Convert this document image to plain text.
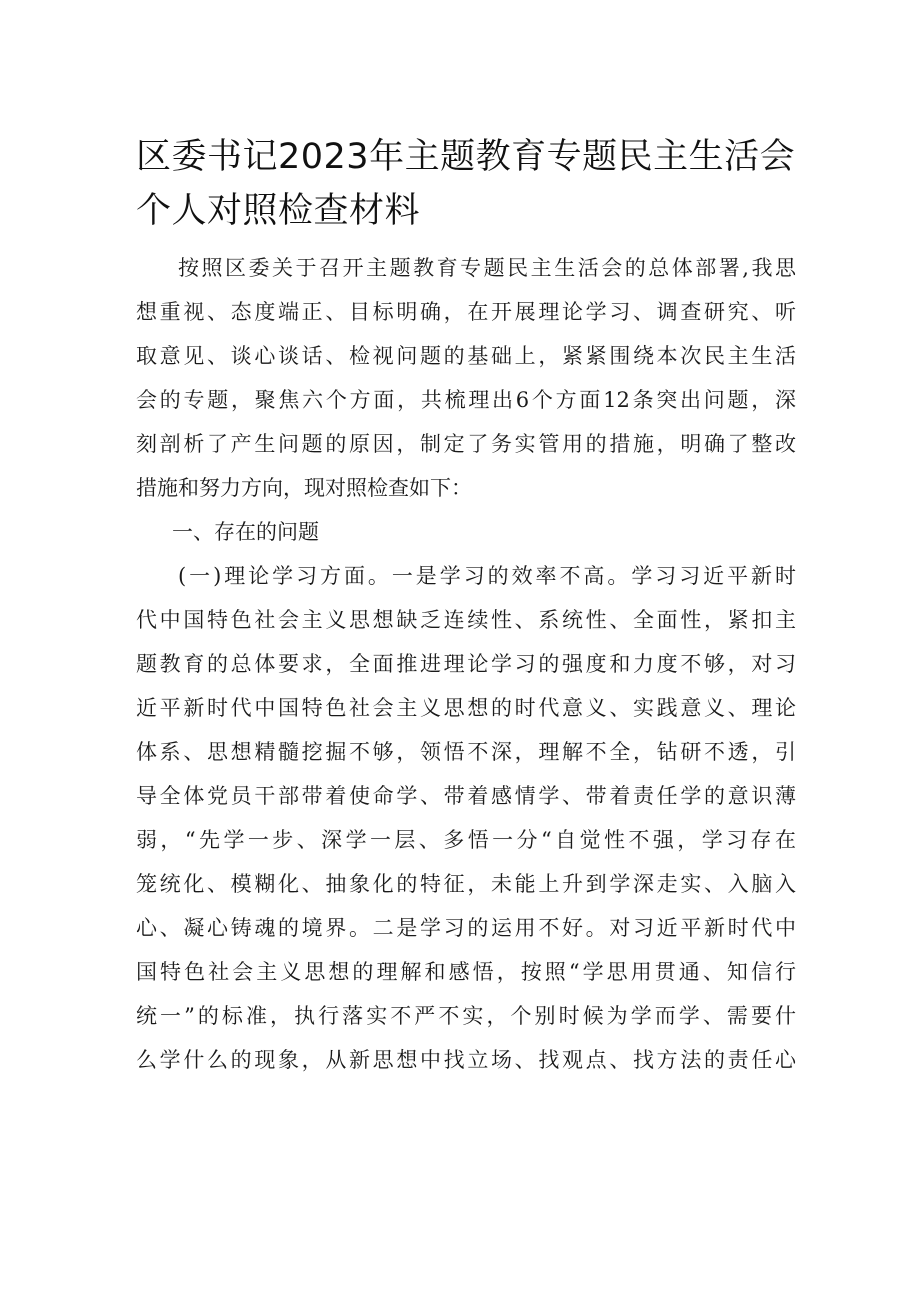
区委书记2023年主题教育专题民主生活会
个人对照检查材料

按照区委关于召开主题教育专题民主生活会的总体部署,我思
想重视、态度端正、目标明确，在开展理论学习、调查研究、听
取意见、谈心谈话、检视问题的基础上，紧紧围绕本次民主生活
会的专题，聚焦六个方面，共梳理出6个方面12条突出问题，深
刻剖析了产生问题的原因，制定了务实管用的措施，明确了整改
措施和努力方向，现对照检查如下：

一、存在的问题

(一)理论学习方面。一是学习的效率不高。学习习近平新时
代中国特色社会主义思想缺乏连续性、系统性、全面性，紧扣主
题教育的总体要求，全面推进理论学习的强度和力度不够，对习
近平新时代中国特色社会主义思想的时代意义、实践意义、理论
体系、思想精髓挖掘不够，领悟不深，理解不全，钻研不透，引
导全体党员干部带着使命学、带着感情学、带着责任学的意识薄
弱，“先学一步、深学一层、多悟一分“自觉性不强，学习存在
笼统化、模糊化、抽象化的特征，未能上升到学深走实、入脑入
心、凝心铸魂的境界。二是学习的运用不好。对习近平新时代中
国特色社会主义思想的理解和感悟，按照“学思用贯通、知信行
统一”的标准，执行落实不严不实，个别时候为学而学、需要什
么学什么的现象，从新思想中找立场、找观点、找方法的责任心
